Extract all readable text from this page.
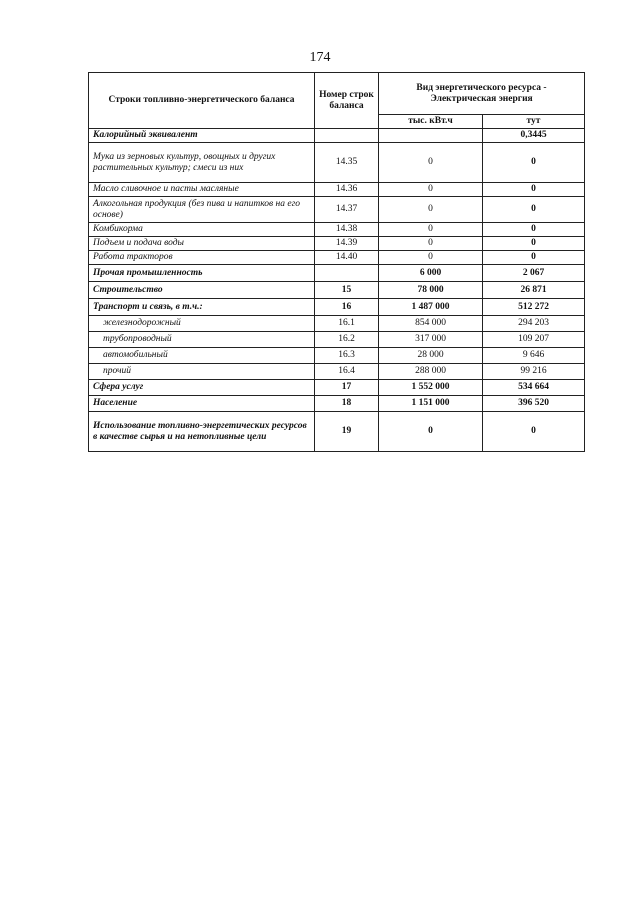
174
Строки топливно-энергетического баланса	Номер строк баланса	Вид энергетического ресурса - Электрическая энергия	
		тыс. кВт.ч	тут
Калорийный эквивалент			0,3445
Мука из зерновых культур, овощных и других растительных культур; смеси из них	14.35	0	0
Масло сливочное и пасты масляные	14.36	0	0
Алкогольная продукция (без пива и напитков на его основе)	14.37	0	0
Комбикорма	14.38	0	0
Подъем и подача воды	14.39	0	0
Работа тракторов	14.40	0	0
Прочая промышленность		6 000	2 067
Строительство	15	78 000	26 871
Транспорт и связь, в т.ч.:	16	1 487 000	512 272
железнодорожный	16.1	854 000	294 203
трубопроводный	16.2	317 000	109 207
автомобильный	16.3	28 000	9 646
прочий	16.4	288 000	99 216
Сфера услуг	17	1 552 000	534 664
Население	18	1 151 000	396 520
Использование топливно-энергетических ресурсов в качестве сырья и на нетопливные цели	19	0	0
